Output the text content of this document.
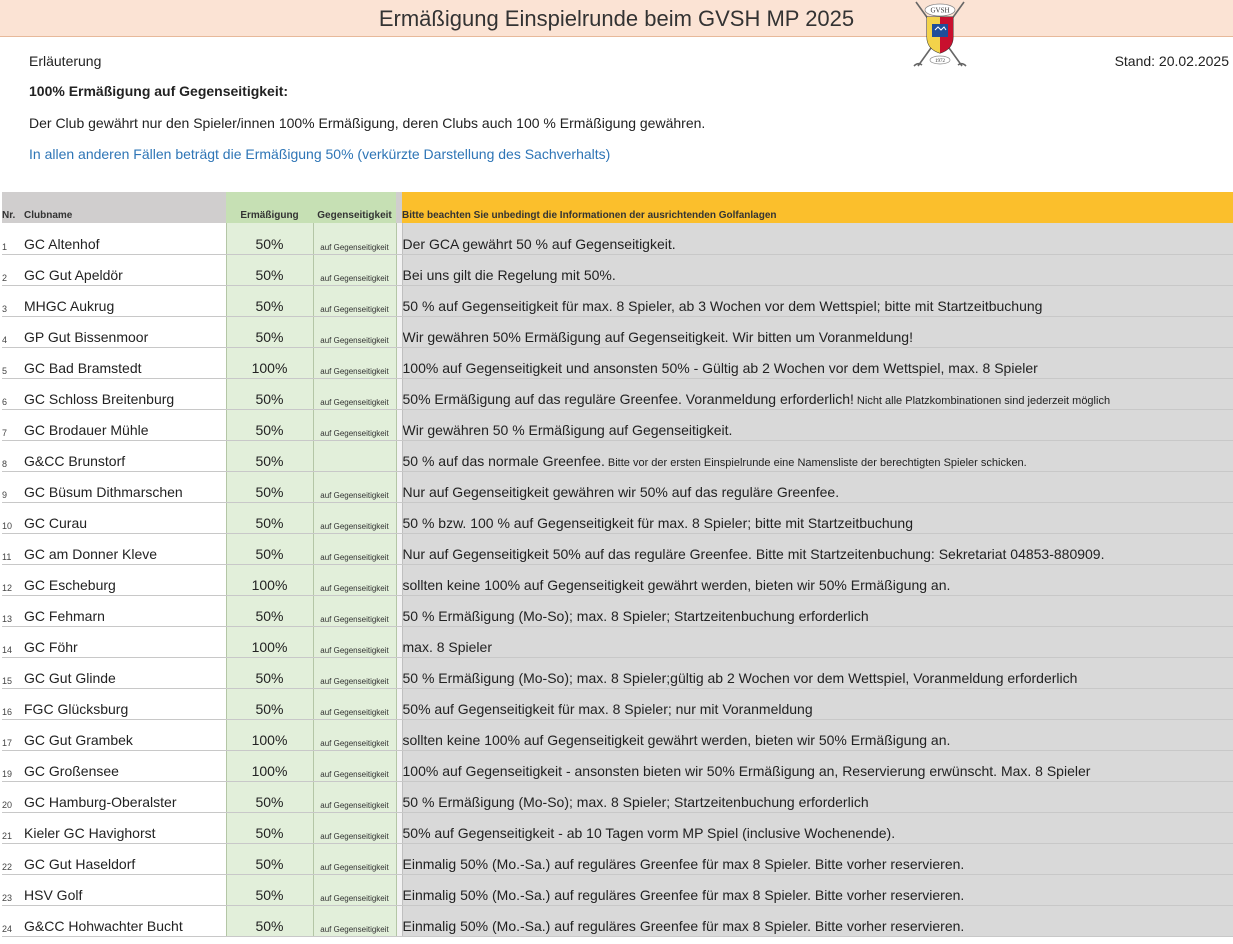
Ermäßigung Einspielrunde beim GVSH MP 2025	GVSH
1972
Erläuterung	Stand: 20.02.2025
100% Ermäßigung auf Gegenseitigkeit:
Der Club gewährt nur den Spieler/innen 100% Ermäßigung, deren Clubs auch 100 % Ermäßigung gewähren.
In allen anderen Fällen beträgt die Ermäßigung 50% (verkürzte Darstellung des Sachverhalts)
Nr.	Clubname	Ermäßigung	Gegenseitigkeit		Bitte beachten Sie unbedingt die Informationen der ausrichtenden Golfanlagen
1	GC Altenhof	50%	auf Gegenseitigkeit		Der GCA gewährt 50 % auf Gegenseitigkeit.
2	GC Gut Apeldör	50%	auf Gegenseitigkeit		Bei uns gilt die Regelung mit 50%.
3	MHGC Aukrug	50%	auf Gegenseitigkeit		50 % auf Gegenseitigkeit für max. 8 Spieler, ab 3 Wochen vor dem Wettspiel; bitte mit Startzeitbuchung
4	GP Gut Bissenmoor	50%	auf Gegenseitigkeit		Wir gewähren 50% Ermäßigung auf Gegenseitigkeit. Wir bitten um Voranmeldung!
5	GC Bad Bramstedt	100%	auf Gegenseitigkeit		100% auf Gegenseitigkeit und ansonsten 50% - Gültig ab 2 Wochen vor dem Wettspiel, max. 8 Spieler
6	GC Schloss Breitenburg	50%	auf Gegenseitigkeit		50% Ermäßigung auf das reguläre Greenfee. Voranmeldung erforderlich! Nicht alle Platzkombinationen sind jederzeit möglich
7	GC Brodauer Mühle	50%	auf Gegenseitigkeit		Wir gewähren 50 % Ermäßigung auf Gegenseitigkeit.
8	G&CC Brunstorf	50%			50 % auf das normale Greenfee. Bitte vor der ersten Einspielrunde eine Namensliste der berechtigten Spieler schicken.
9	GC Büsum Dithmarschen	50%	auf Gegenseitigkeit		Nur auf Gegenseitigkeit gewähren wir 50% auf das reguläre Greenfee.
10	GC Curau	50%	auf Gegenseitigkeit		50 % bzw. 100 % auf Gegenseitigkeit für max. 8 Spieler; bitte mit Startzeitbuchung
11	GC am Donner Kleve	50%	auf Gegenseitigkeit		Nur auf Gegenseitigkeit 50% auf das reguläre Greenfee. Bitte mit Startzeitenbuchung: Sekretariat 04853-880909.
12	GC Escheburg	100%	auf Gegenseitigkeit		sollten keine 100% auf Gegenseitigkeit gewährt werden, bieten wir 50% Ermäßigung an.
13	GC Fehmarn	50%	auf Gegenseitigkeit		50 % Ermäßigung (Mo-So); max. 8 Spieler; Startzeitenbuchung erforderlich
14	GC Föhr	100%	auf Gegenseitigkeit		max. 8 Spieler
15	GC Gut Glinde	50%	auf Gegenseitigkeit		50 % Ermäßigung (Mo-So); max. 8 Spieler;gültig ab 2 Wochen vor dem Wettspiel, Voranmeldung erforderlich
16	FGC Glücksburg	50%	auf Gegenseitigkeit		50% auf Gegenseitigkeit für max. 8 Spieler; nur mit Voranmeldung
17	GC Gut Grambek	100%	auf Gegenseitigkeit		sollten keine 100% auf Gegenseitigkeit gewährt werden, bieten wir 50% Ermäßigung an.
19	GC Großensee	100%	auf Gegenseitigkeit		100% auf Gegenseitigkeit - ansonsten bieten wir 50% Ermäßigung an, Reservierung erwünscht. Max. 8 Spieler
20	GC Hamburg-Oberalster	50%	auf Gegenseitigkeit		50 % Ermäßigung (Mo-So); max. 8 Spieler; Startzeitenbuchung erforderlich
21	Kieler GC Havighorst	50%	auf Gegenseitigkeit		50% auf Gegenseitigkeit - ab 10 Tagen vorm MP Spiel (inclusive Wochenende).
22	GC Gut Haseldorf	50%	auf Gegenseitigkeit		Einmalig 50% (Mo.-Sa.) auf reguläres Greenfee für max 8 Spieler. Bitte vorher reservieren.
23	HSV Golf	50%	auf Gegenseitigkeit		Einmalig 50% (Mo.-Sa.) auf reguläres Greenfee für max 8 Spieler. Bitte vorher reservieren.
24	G&CC Hohwachter Bucht	50%	auf Gegenseitigkeit		Einmalig 50% (Mo.-Sa.) auf reguläres Greenfee für max 8 Spieler. Bitte vorher reservieren.
